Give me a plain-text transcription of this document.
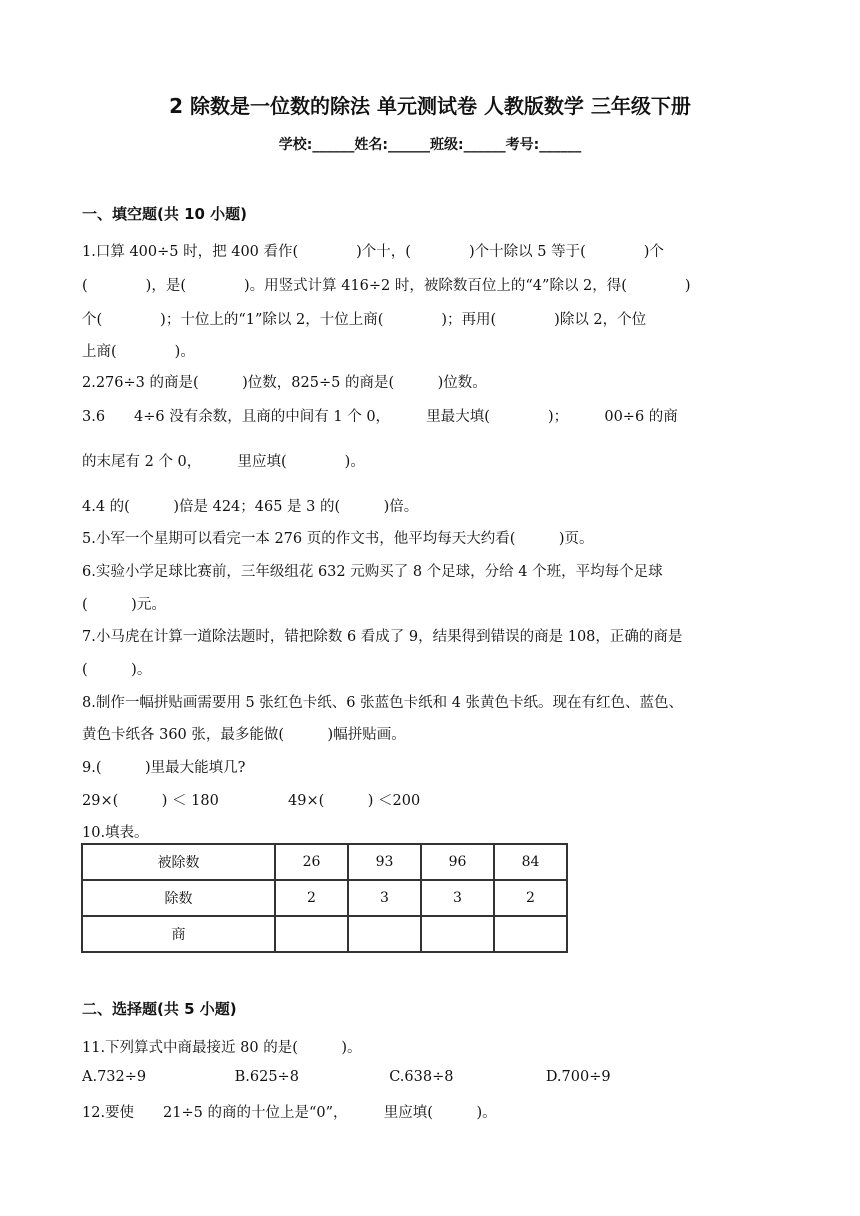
2 除数是一位数的除法 单元测试卷 人教版数学 三年级下册
学校:______姓名:______班级:______考号:______
一、填空题(共 10 小题)
1.口算 400÷5 时，把 400 看作(　　　　)个十，(　　　　)个十除以 5 等于(　　　　)个
(　　　　)，是(　　　　)。用竖式计算 416÷2 时，被除数百位上的“4”除以 2，得(　　　　)
个(　　　　)；十位上的“1”除以 2，十位上商(　　　　)；再用(　　　　)除以 2，个位
上商(　　　　)。
2.276÷3 的商是(　　　)位数，825÷5 的商是(　　　)位数。
3.6　　4÷6 没有余数，且商的中间有 1 个 0，　　　里最大填(　　　　)；　　　00÷6 的商
的末尾有 2 个 0，　　　里应填(　　　　)。
4.4 的(　　　)倍是 424；465 是 3 的(　　　)倍。
5.小军一个星期可以看完一本 276 页的作文书，他平均每天大约看(　　　)页。
6.实验小学足球比赛前，三年级组花 632 元购买了 8 个足球，分给 4 个班，平均每个足球
(　　　)元。
7.小马虎在计算一道除法题时，错把除数 6 看成了 9，结果得到错误的商是 108，正确的商是
(　　　)。
8.制作一幅拼贴画需要用 5 张红色卡纸、6 张蓝色卡纸和 4 张黄色卡纸。现在有红色、蓝色、
黄色卡纸各 360 张，最多能做(　　　)幅拼贴画。
9.(　　　)里最大能填几?
29×(　　　) ＜ 180	49×(　　　) ＜200
10.填表。
被除数	26	93	96	84
除数	2	3	3	2
商				
二、选择题(共 5 小题)
11.下列算式中商最接近 80 的是(　　　)。
A.732÷9	B.625÷8	C.638÷8	D.700÷9
12.要使　　21÷5 的商的十位上是“0”，　　　里应填(　　　)。
